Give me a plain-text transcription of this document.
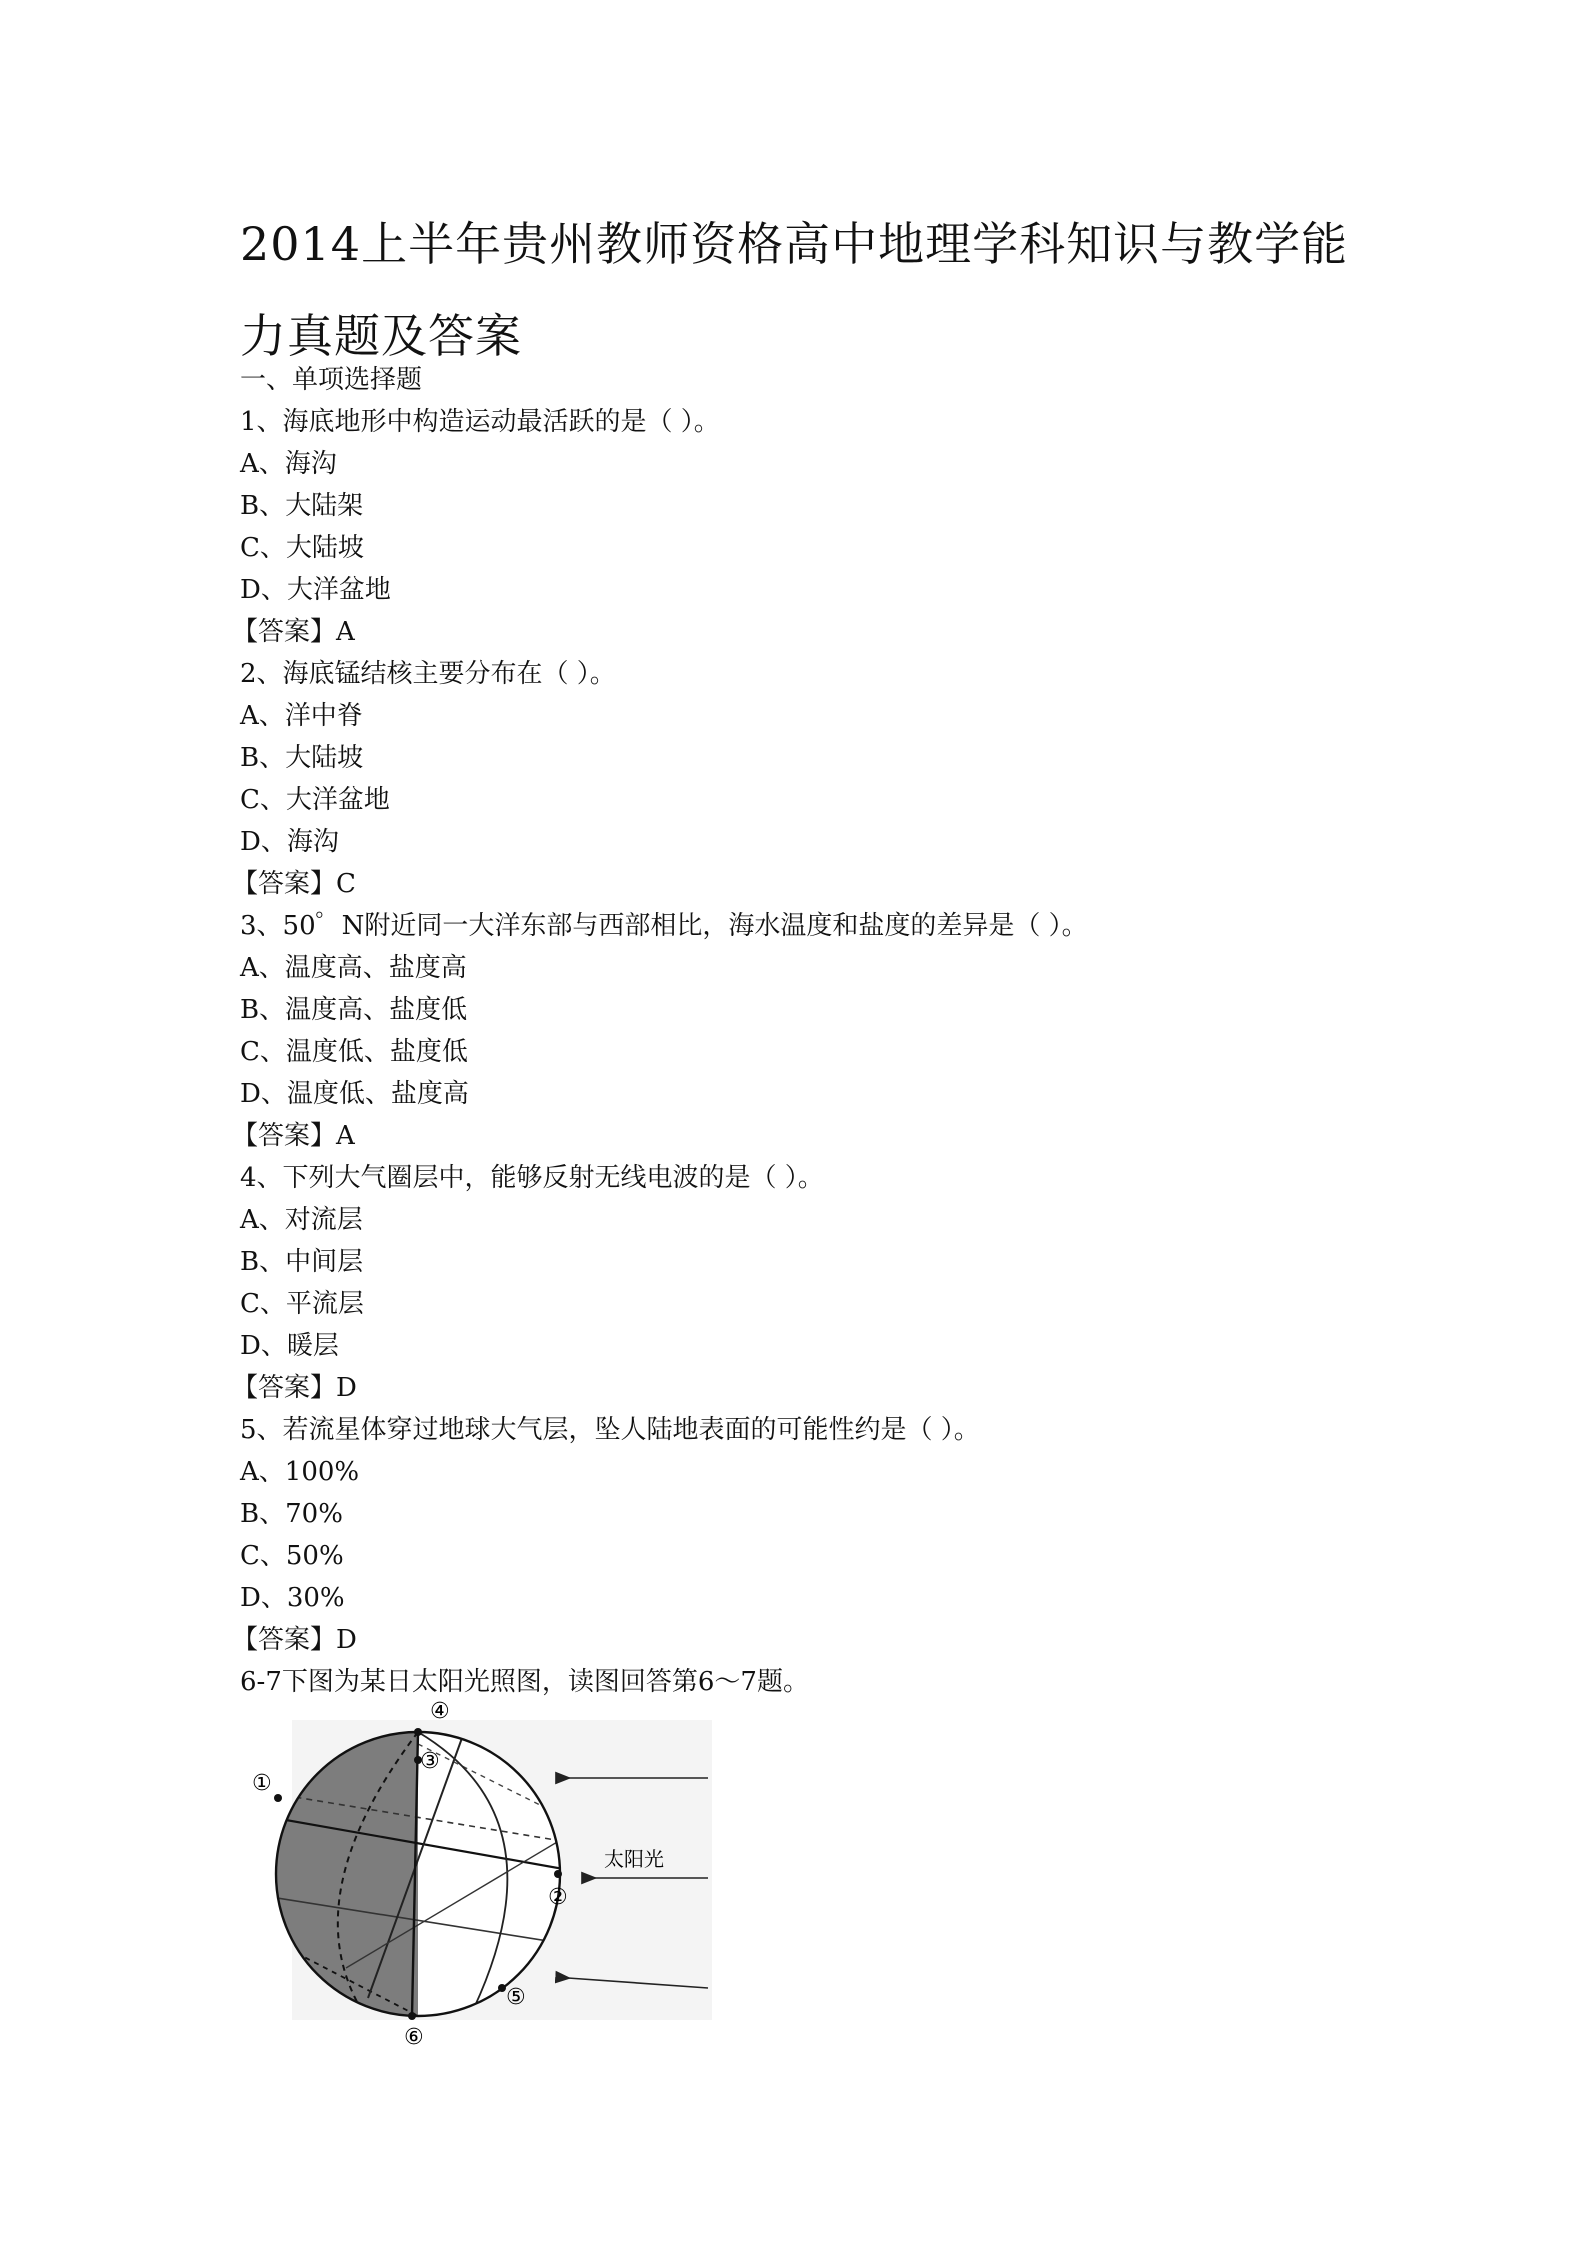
2014上半年贵州教师资格高中地理学科知识与教学能力真题及答案
一、单项选择题
1、海底地形中构造运动最活跃的是（ ）。
A、海沟
B、大陆架
C、大陆坡
D、大洋盆地
【答案】A
2、海底锰结核主要分布在（ ）。
A、洋中脊
B、大陆坡
C、大洋盆地
D、海沟
【答案】C
3、50゜N附近同一大洋东部与西部相比，海水温度和盐度的差异是（ ）。
A、温度高、盐度高
B、温度高、盐度低
C、温度低、盐度低
D、温度低、盐度高
【答案】A
4、下列大气圈层中，能够反射无线电波的是（ ）。
A、对流层
B、中间层
C、平流层
D、暖层
【答案】D
5、若流星体穿过地球大气层，坠人陆地表面的可能性约是（ ）。
A、100%
B、70%
C、50%
D、30%
【答案】D
6-7下图为某日太阳光照图，读图回答第6～7题。
④
③
①
②
⑤
⑥
太阳光
